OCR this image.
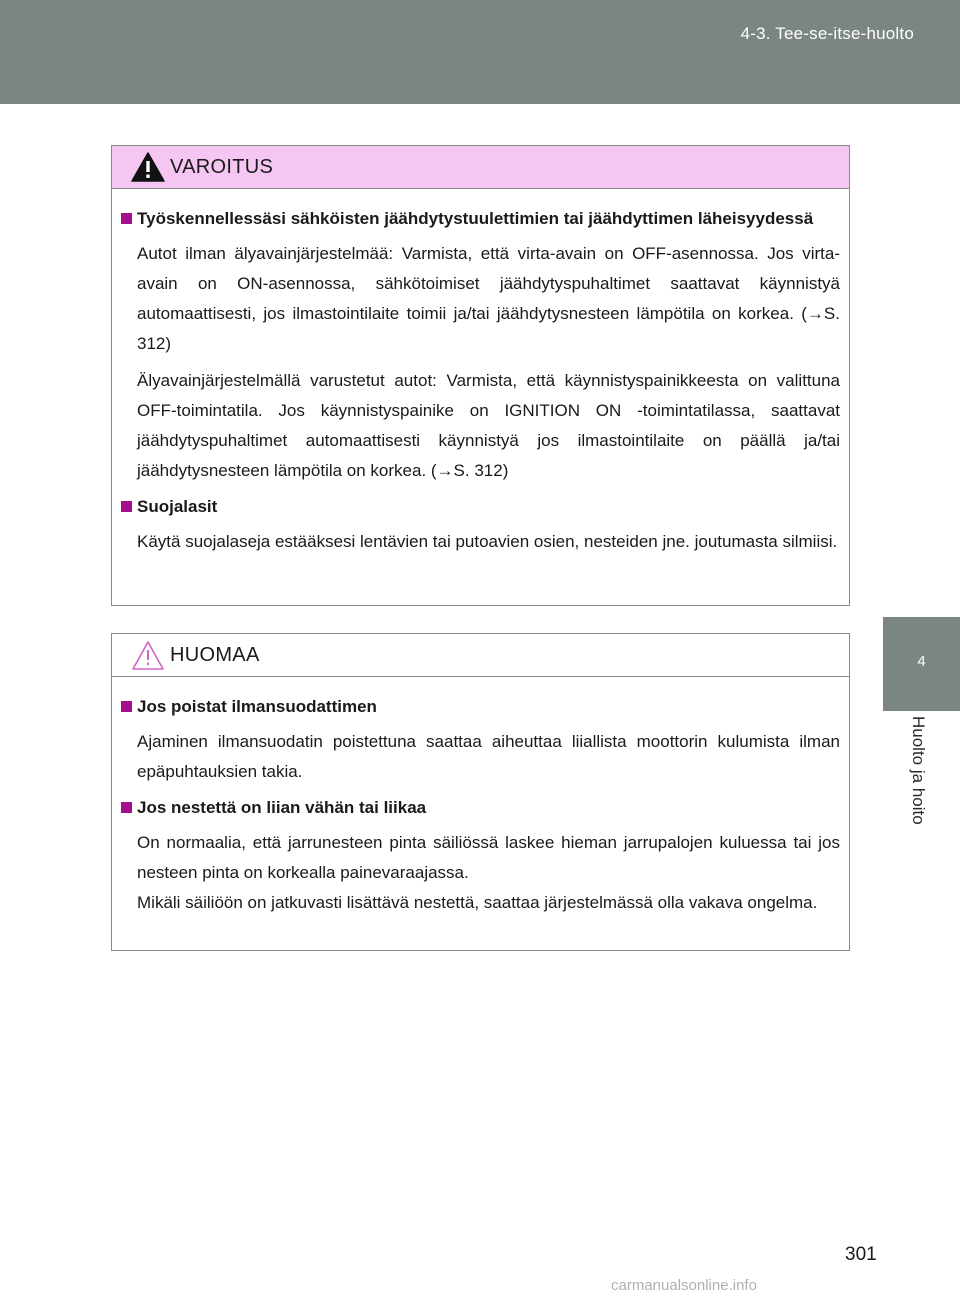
4-3. Tee-se-itse-huolto
4
Huolto ja hoito
VAROITUS
Työskennellessäsi sähköisten jäähdytystuulettimien tai jäähdyttimen läheisyydessä
Autot ilman älyavainjärjestelmää: Varmista, että virta-avain on OFF-asennossa. Jos virta-avain on ON-asennossa, sähkötoimiset jäähdytyspuhaltimet saattavat käynnistyä automaattisesti, jos ilmastointilaite toimii ja/tai jäähdytysnesteen lämpötila on korkea. (→S. 312)
Älyavainjärjestelmällä varustetut autot: Varmista, että käynnistyspainikkeesta on valittuna OFF-toimintatila. Jos käynnistyspainike on IGNITION ON -toimintatilassa, saattavat jäähdytyspuhaltimet automaattisesti käynnistyä jos ilmastointilaite on päällä ja/tai jäähdytysnesteen lämpötila on korkea. (→S. 312)
Suojalasit
Käytä suojalaseja estääksesi lentävien tai putoavien osien, nesteiden jne. joutumasta silmiisi.
HUOMAA
Jos poistat ilmansuodattimen
Ajaminen ilmansuodatin poistettuna saattaa aiheuttaa liiallista moottorin kulumista ilman epäpuhtauksien takia.
Jos nestettä on liian vähän tai liikaa
On normaalia, että jarrunesteen pinta säiliössä laskee hieman jarrupalojen kuluessa tai jos nesteen pinta on korkealla painevaraajassa.
Mikäli säiliöön on jatkuvasti lisättävä nestettä, saattaa järjestelmässä olla vakava ongelma.
301
carmanualsonline.info
